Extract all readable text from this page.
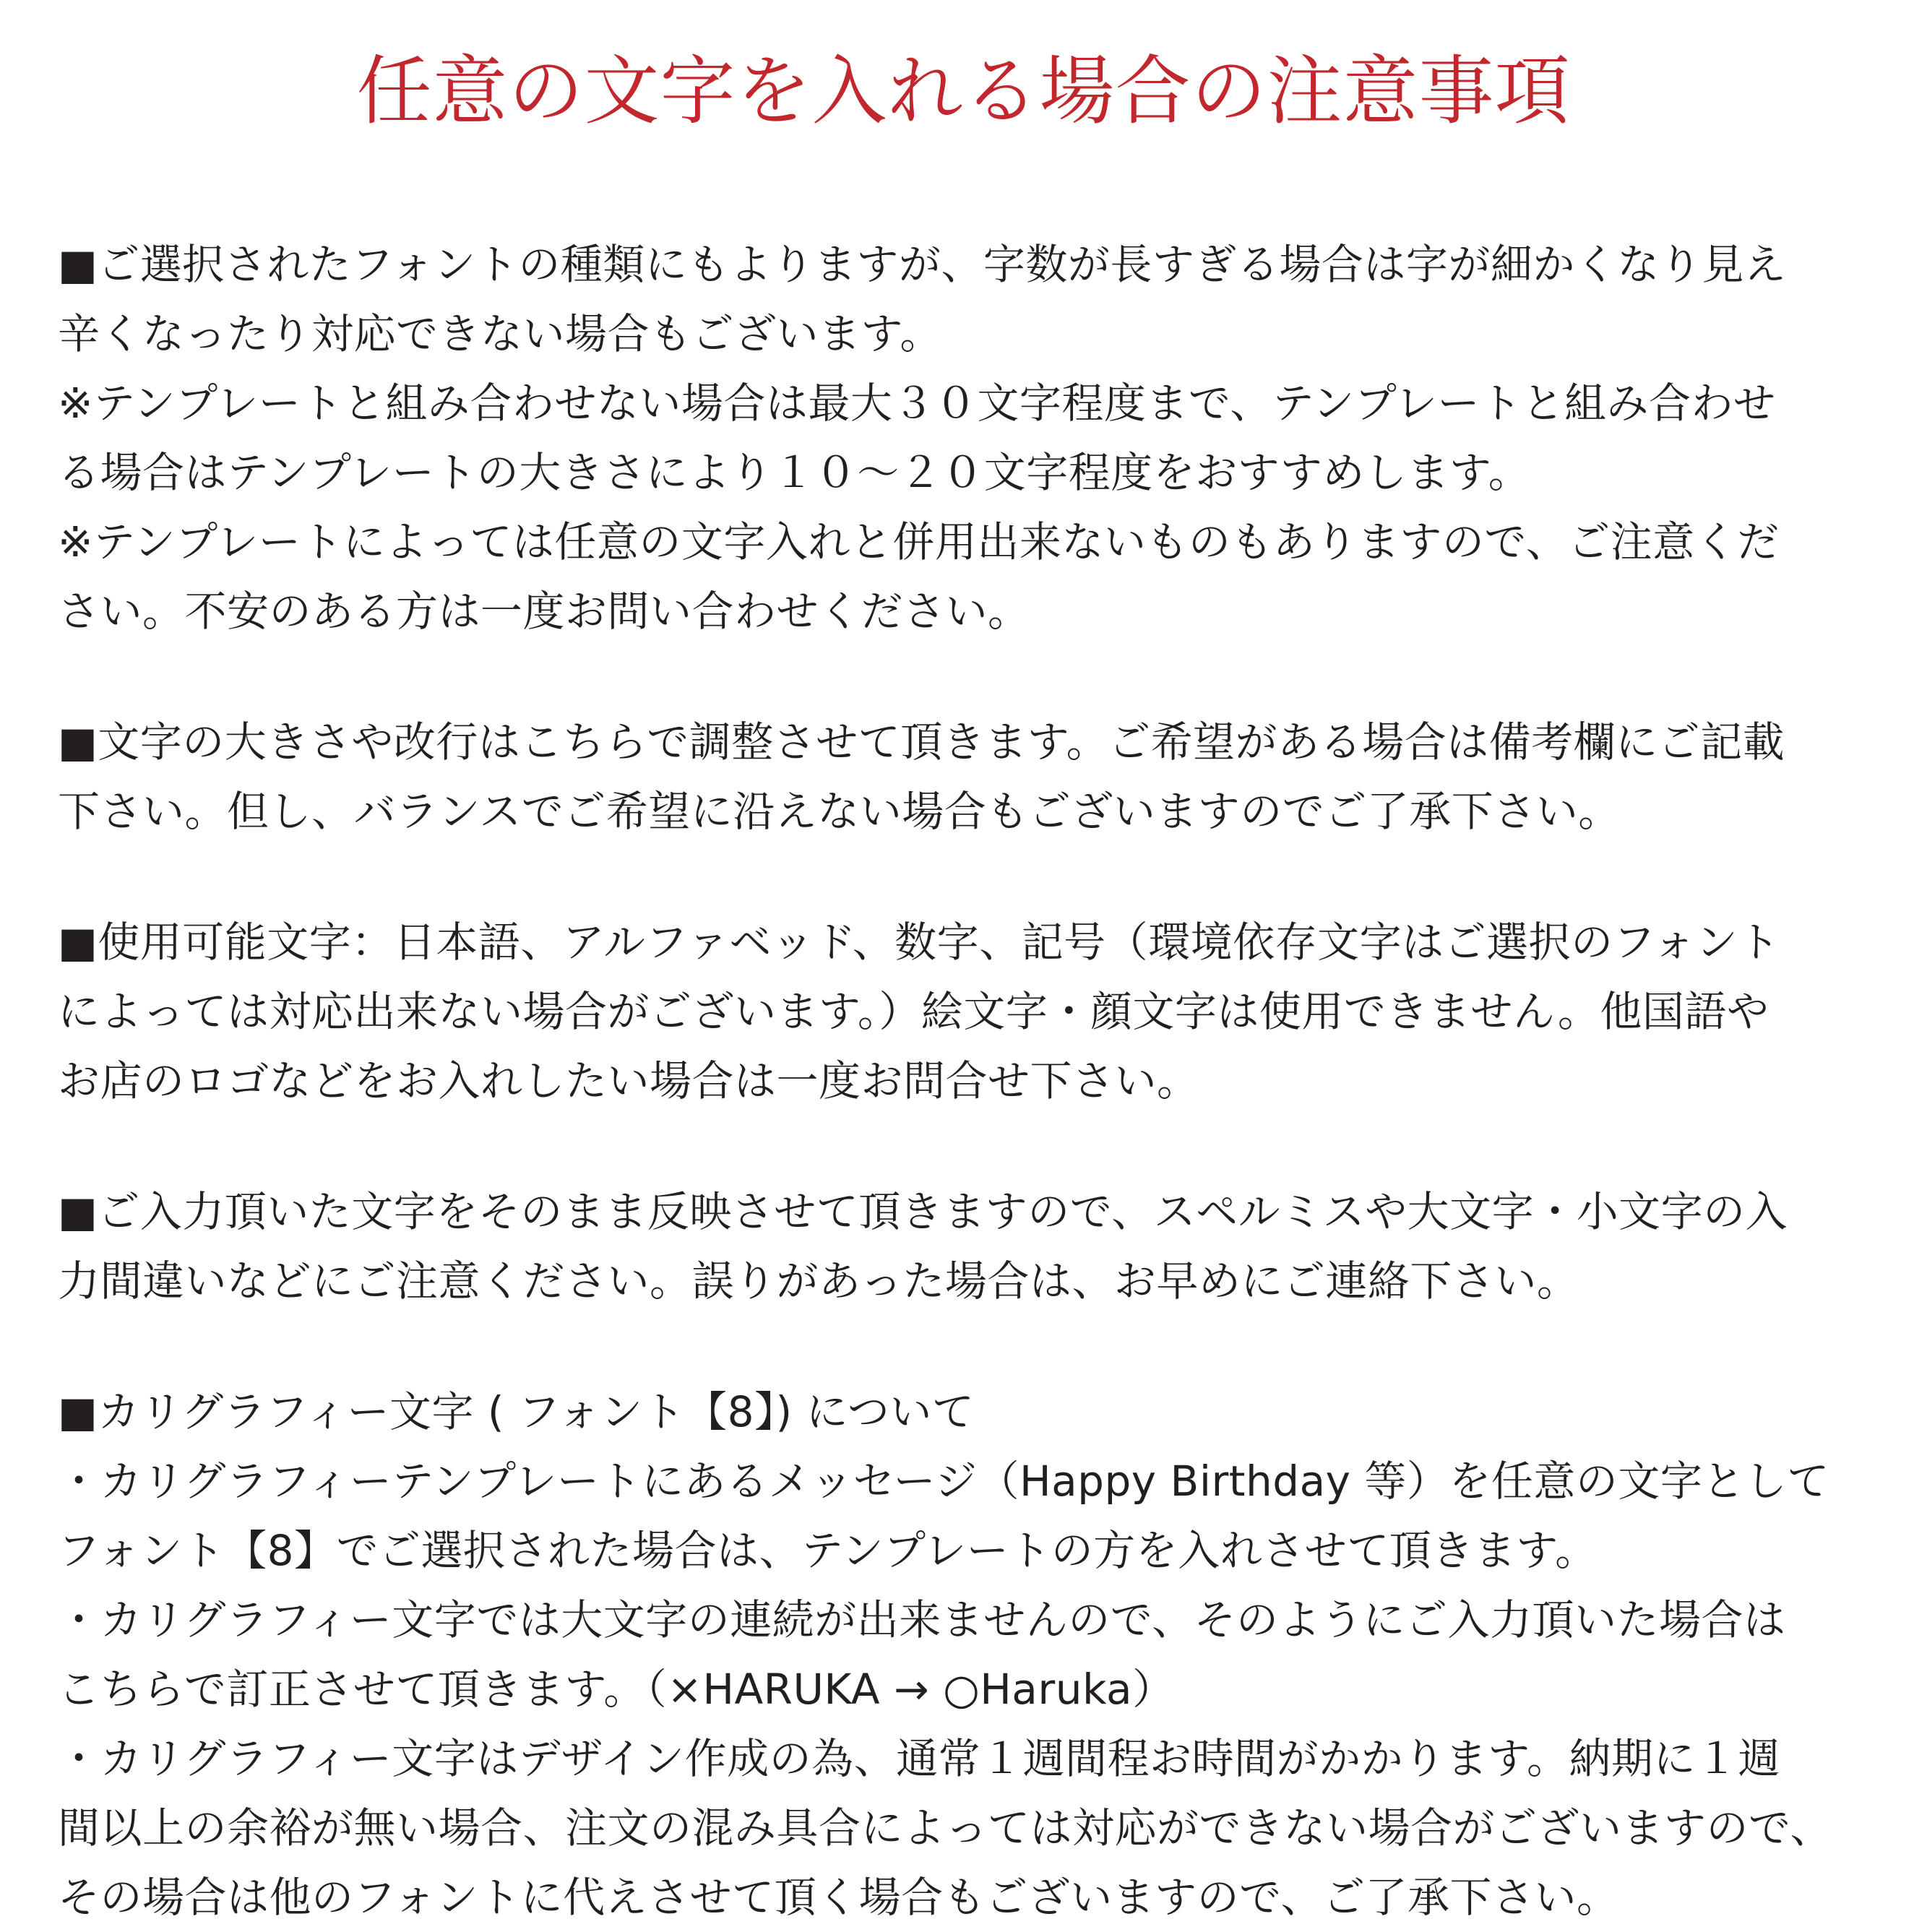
任意の文字を入れる場合の注意事項
■ご選択されたフォントの種類にもよりますが、字数が長すぎる場合は字が細かくなり見え
辛くなったり対応できない場合もございます。
※テンプレートと組み合わせない場合は最大３０文字程度まで、テンプレートと組み合わせ
る場合はテンプレートの大きさにより１０～２０文字程度をおすすめします。
※テンプレートによっては任意の文字入れと併用出来ないものもありますので、ご注意くだ
さい。不安のある方は一度お問い合わせください。
■文字の大きさや改行はこちらで調整させて頂きます。ご希望がある場合は備考欄にご記載
下さい。但し、バランスでご希望に沿えない場合もございますのでご了承下さい。
■使用可能文字：日本語、アルファベッド、数字、記号（環境依存文字はご選択のフォント
によっては対応出来ない場合がございます。）絵文字・顔文字は使用できません。他国語や
お店のロゴなどをお入れしたい場合は一度お問合せ下さい。
■ご入力頂いた文字をそのまま反映させて頂きますので、スペルミスや大文字・小文字の入
力間違いなどにご注意ください。誤りがあった場合は、お早めにご連絡下さい。
■カリグラフィー文字 ( フォント【8】) について
・カリグラフィーテンプレートにあるメッセージ（Happy Birthday 等）を任意の文字として
フォント【8】でご選択された場合は、テンプレートの方を入れさせて頂きます。
・カリグラフィー文字では大文字の連続が出来ませんので、そのようにご入力頂いた場合は
こちらで訂正させて頂きます。（×HARUKA → ○Haruka）
・カリグラフィー文字はデザイン作成の為、通常１週間程お時間がかかります。納期に１週
間以上の余裕が無い場合、注文の混み具合によっては対応ができない場合がございますので、
その場合は他のフォントに代えさせて頂く場合もございますので、ご了承下さい。
